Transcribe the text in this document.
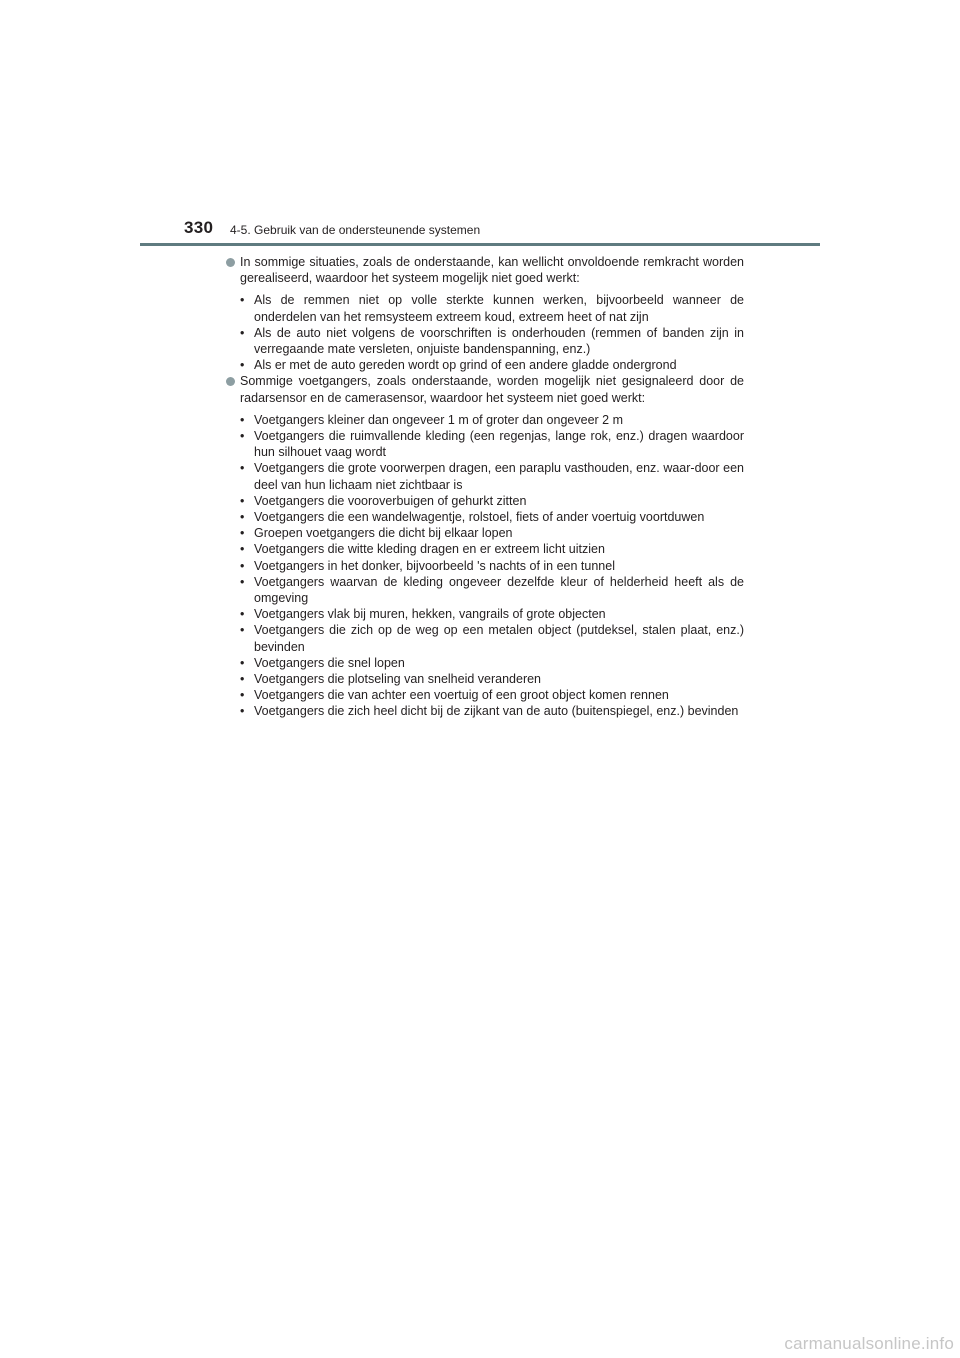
330 4-5. Gebruik van de ondersteunende systemen
In sommige situaties, zoals de onderstaande, kan wellicht onvoldoende remkracht worden gerealiseerd, waardoor het systeem mogelijk niet goed werkt:
• Als de remmen niet op volle sterkte kunnen werken, bijvoorbeeld wanneer de onderdelen van het remsysteem extreem koud, extreem heet of nat zijn
• Als de auto niet volgens de voorschriften is onderhouden (remmen of banden zijn in verregaande mate versleten, onjuiste bandenspanning, enz.)
• Als er met de auto gereden wordt op grind of een andere gladde ondergrond
Sommige voetgangers, zoals onderstaande, worden mogelijk niet gesignaleerd door de radarsensor en de camerasensor, waardoor het systeem niet goed werkt:
• Voetgangers kleiner dan ongeveer 1 m of groter dan ongeveer 2 m
• Voetgangers die ruimvallende kleding (een regenjas, lange rok, enz.) dragen waardoor hun silhouet vaag wordt
• Voetgangers die grote voorwerpen dragen, een paraplu vasthouden, enz. waar-door een deel van hun lichaam niet zichtbaar is
• Voetgangers die vooroverbuigen of gehurkt zitten
• Voetgangers die een wandelwagentje, rolstoel, fiets of ander voertuig voortduwen
• Groepen voetgangers die dicht bij elkaar lopen
• Voetgangers die witte kleding dragen en er extreem licht uitzien
• Voetgangers in het donker, bijvoorbeeld 's nachts of in een tunnel
• Voetgangers waarvan de kleding ongeveer dezelfde kleur of helderheid heeft als de omgeving
• Voetgangers vlak bij muren, hekken, vangrails of grote objecten
• Voetgangers die zich op de weg op een metalen object (putdeksel, stalen plaat, enz.) bevinden
• Voetgangers die snel lopen
• Voetgangers die plotseling van snelheid veranderen
• Voetgangers die van achter een voertuig of een groot object komen rennen
• Voetgangers die zich heel dicht bij de zijkant van de auto (buitenspiegel, enz.) bevinden
carmanualsonline.info
